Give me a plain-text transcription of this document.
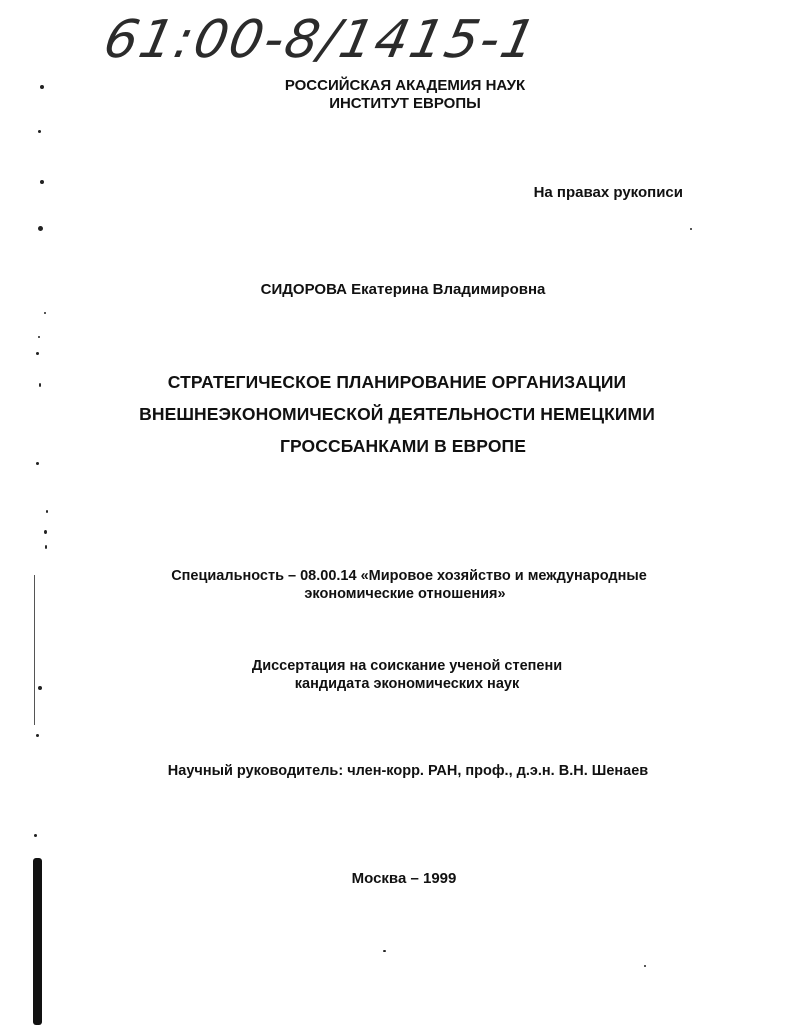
61:00-8/1415-1
РОССИЙСКАЯ АКАДЕМИЯ НАУК
ИНСТИТУТ ЕВРОПЫ
На правах рукописи
СИДОРОВА Екатерина Владимировна
СТРАТЕГИЧЕСКОЕ ПЛАНИРОВАНИЕ ОРГАНИЗАЦИИ
ВНЕШНЕЭКОНОМИЧЕСКОЙ ДЕЯТЕЛЬНОСТИ НЕМЕЦКИМИ
ГРОССБАНКАМИ В ЕВРОПЕ
Специальность – 08.00.14 «Мировое хозяйство и международные
экономические отношения»
Диссертация на соискание ученой степени
кандидата экономических наук
Научный руководитель: член-корр. РАН, проф., д.э.н. В.Н. Шенаев
Москва – 1999
